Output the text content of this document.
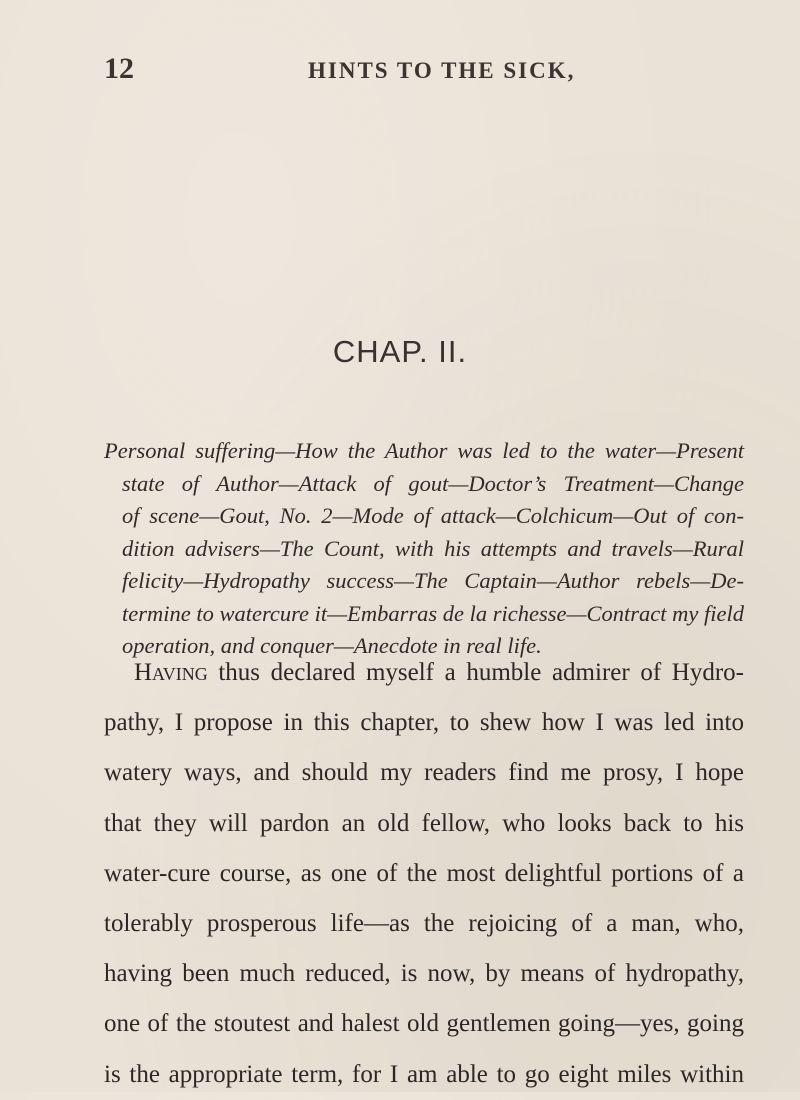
12	HINTS TO THE SICK,
CHAP. II.
Personal suffering—How the Author was led to the water—Present
state of Author—Attack of gout—Doctor’s Treatment—Change
of scene—Gout, No. 2—Mode of attack—Colchicum—Out of con-
dition advisers—The Count, with his attempts and travels—Rural
felicity—Hydropathy success—The Captain—Author rebels—De-
termine to watercure it—Embarras de la richesse—Contract my field
operation, and conquer—Anecdote in real life.
Having thus declared myself a humble admirer of Hydro-
pathy, I propose in this chapter, to shew how I was led into
watery ways, and should my readers find me prosy, I hope
that they will pardon an old fellow, who looks back to his
water-cure course, as one of the most delightful portions of a
tolerably prosperous life—as the rejoicing of a man, who,
having been much reduced, is now, by means of hydropathy,
one of the stoutest and halest old gentlemen going—yes, going
is the appropriate term, for I am able to go eight miles within
